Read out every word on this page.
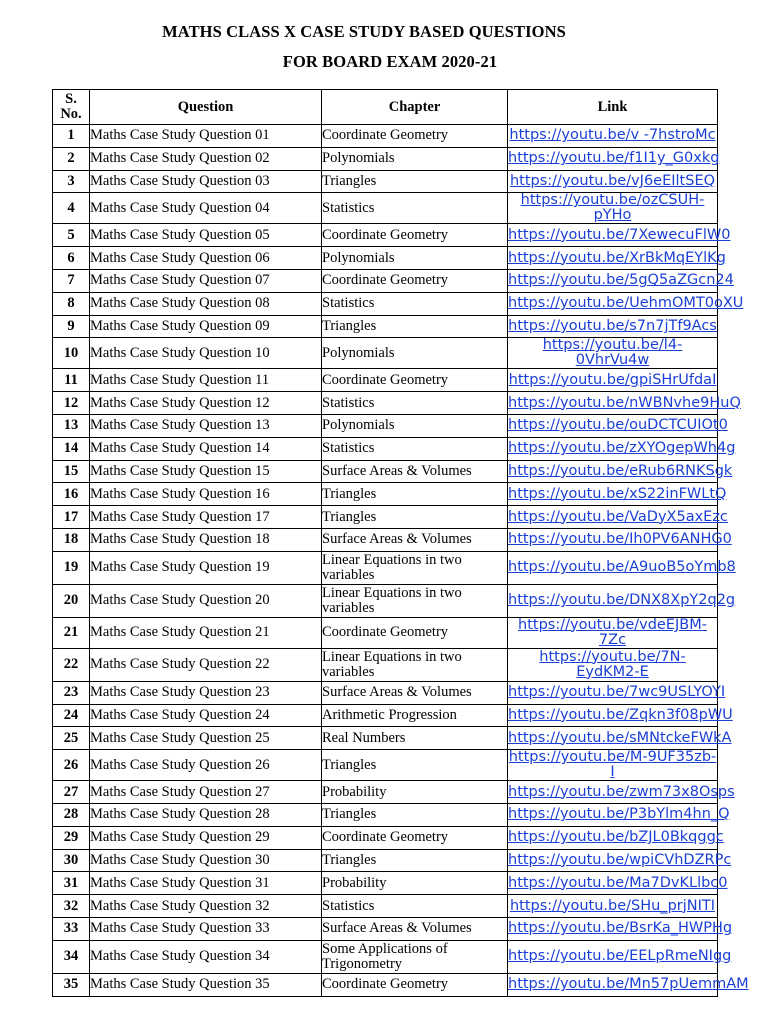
MATHS CLASS X CASE STUDY BASED QUESTIONS
FOR BOARD EXAM 2020-21
S. No.	Question	Chapter	Link
1	Maths Case Study Question 01	Coordinate Geometry	https://youtu.be/v -7hstroMc
2	Maths Case Study Question 02	Polynomials	https://youtu.be/f1I1y_G0xkg
3	Maths Case Study Question 03	Triangles	https://youtu.be/vJ6eEIltSEQ
4	Maths Case Study Question 04	Statistics	https://youtu.be/ozCSUH-pYHo
5	Maths Case Study Question 05	Coordinate Geometry	https://youtu.be/7XewecuFlW0
6	Maths Case Study Question 06	Polynomials	https://youtu.be/XrBkMqEYlKg
7	Maths Case Study Question 07	Coordinate Geometry	https://youtu.be/5gQ5aZGcn24
8	Maths Case Study Question 08	Statistics	https://youtu.be/UehmOMT0oXU
9	Maths Case Study Question 09	Triangles	https://youtu.be/s7n7jTf9Acs
10	Maths Case Study Question 10	Polynomials	https://youtu.be/l4-0VhrVu4w
11	Maths Case Study Question 11	Coordinate Geometry	https://youtu.be/gpiSHrUfdaI
12	Maths Case Study Question 12	Statistics	https://youtu.be/nWBNvhe9HuQ
13	Maths Case Study Question 13	Polynomials	https://youtu.be/ouDCTCUIOt0
14	Maths Case Study Question 14	Statistics	https://youtu.be/zXYOgepWh4g
15	Maths Case Study Question 15	Surface Areas & Volumes	https://youtu.be/eRub6RNKSgk
16	Maths Case Study Question 16	Triangles	https://youtu.be/xS22inFWLtQ
17	Maths Case Study Question 17	Triangles	https://youtu.be/VaDyX5axEzc
18	Maths Case Study Question 18	Surface Areas & Volumes	https://youtu.be/Ih0PV6ANHG0
19	Maths Case Study Question 19	Linear Equations in two variables	https://youtu.be/A9uoB5oYmb8
20	Maths Case Study Question 20	Linear Equations in two variables	https://youtu.be/DNX8XpY2q2g
21	Maths Case Study Question 21	Coordinate Geometry	https://youtu.be/vdeEJBM-7Zc
22	Maths Case Study Question 22	Linear Equations in two variables	https://youtu.be/7N-EydKM2-E
23	Maths Case Study Question 23	Surface Areas & Volumes	https://youtu.be/7wc9USLYOYI
24	Maths Case Study Question 24	Arithmetic Progression	https://youtu.be/Zqkn3f08pWU
25	Maths Case Study Question 25	Real Numbers	https://youtu.be/sMNtckeFWkA
26	Maths Case Study Question 26	Triangles	https://youtu.be/M-9UF35zb-I
27	Maths Case Study Question 27	Probability	https://youtu.be/zwm73x8Osps
28	Maths Case Study Question 28	Triangles	https://youtu.be/P3bYlm4hn_Q
29	Maths Case Study Question 29	Coordinate Geometry	https://youtu.be/bZJL0Bkqggc
30	Maths Case Study Question 30	Triangles	https://youtu.be/wpiCVhDZRPc
31	Maths Case Study Question 31	Probability	https://youtu.be/Ma7DvKLlbc0
32	Maths Case Study Question 32	Statistics	https://youtu.be/SHu_prjNITI
33	Maths Case Study Question 33	Surface Areas & Volumes	https://youtu.be/BsrKa_HWPHg
34	Maths Case Study Question 34	Some Applications of Trigonometry	https://youtu.be/EELpRmeNIgg
35	Maths Case Study Question 35	Coordinate Geometry	https://youtu.be/Mn57pUemmAM
